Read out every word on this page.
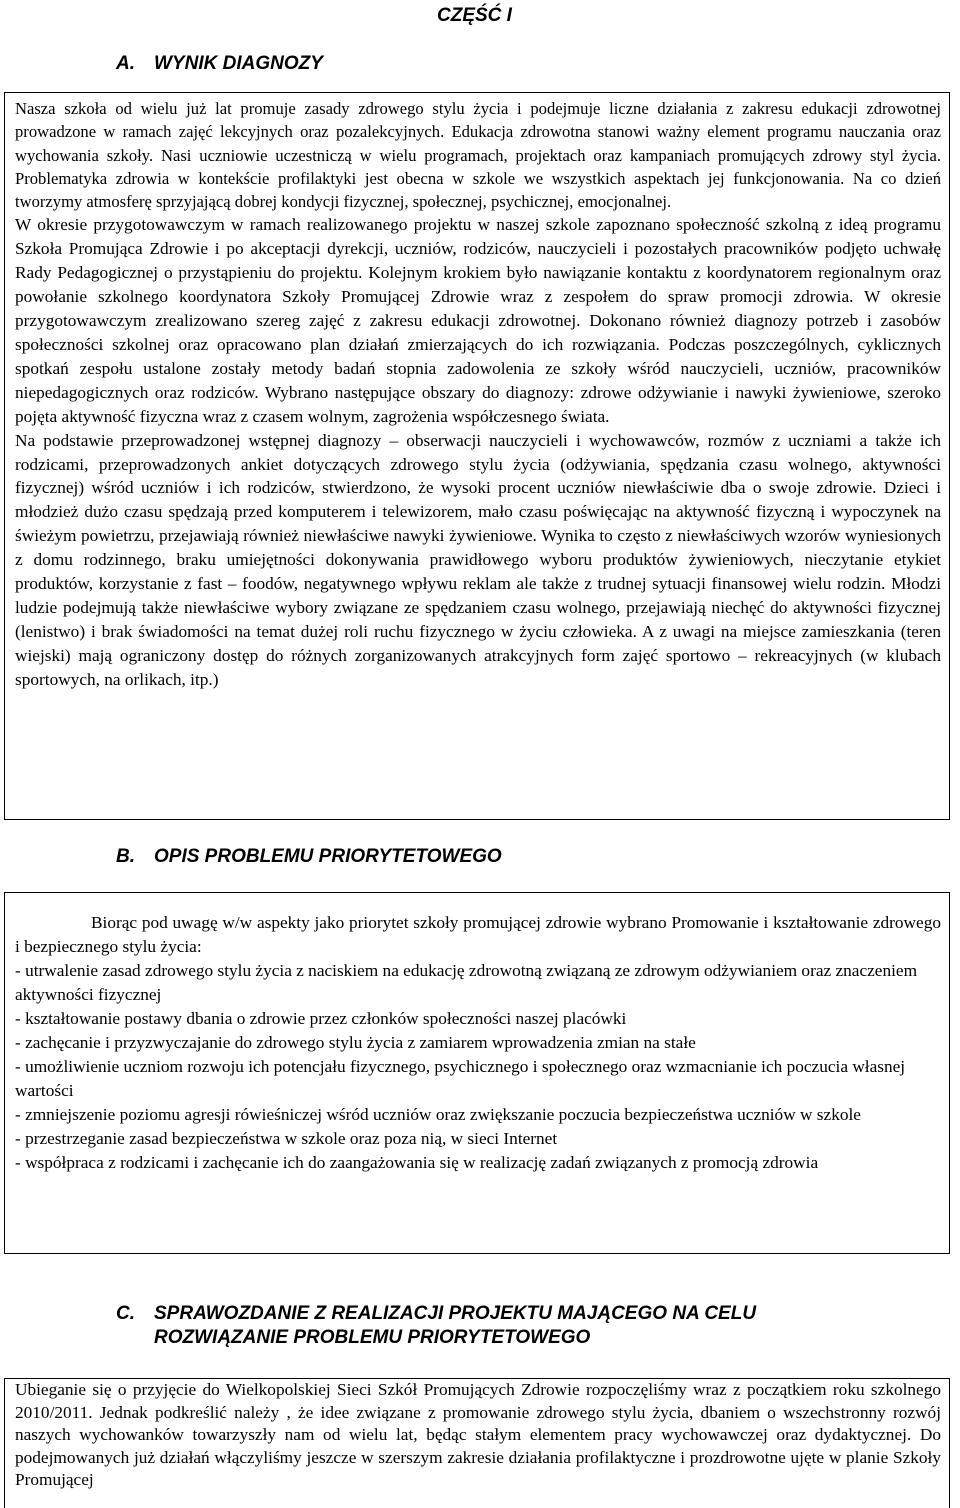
CZĘŚĆ I
A. WYNIK DIAGNOZY

Nasza szkoła od wielu już lat promuje zasady zdrowego stylu życia i podejmuje liczne działania z zakresu edukacji zdrowotnej prowadzone w ramach zajęć lekcyjnych oraz pozalekcyjnych. Edukacja zdrowotna stanowi ważny element programu nauczania oraz wychowania szkoły. Nasi uczniowie uczestniczą w wielu programach, projektach oraz kampaniach promujących zdrowy styl życia. Problematyka zdrowia w kontekście profilaktyki jest obecna w szkole we wszystkich aspektach jej funkcjonowania. Na co dzień tworzymy atmosferę sprzyjającą dobrej kondycji fizycznej, społecznej, psychicznej, emocjonalnej.

W okresie przygotowawczym w ramach realizowanego projektu w naszej szkole zapoznano społeczność szkolną z ideą programu Szkoła Promująca Zdrowie i po akceptacji dyrekcji, uczniów, rodziców, nauczycieli i pozostałych pracowników podjęto uchwałę Rady Pedagogicznej o przystąpieniu do projektu. Kolejnym krokiem było nawiązanie kontaktu z koordynatorem regionalnym oraz powołanie szkolnego koordynatora Szkoły Promującej Zdrowie wraz z zespołem do spraw promocji zdrowia. W okresie przygotowawczym zrealizowano szereg zajęć z zakresu edukacji zdrowotnej. Dokonano również diagnozy potrzeb i zasobów społeczności szkolnej oraz opracowano plan działań zmierzających do ich rozwiązania. Podczas poszczególnych, cyklicznych spotkań zespołu ustalone zostały metody badań stopnia zadowolenia ze szkoły wśród nauczycieli, uczniów, pracowników niepedagogicznych oraz rodziców. Wybrano następujące obszary do diagnozy: zdrowe odżywianie i nawyki żywieniowe, szeroko pojęta aktywność fizyczna wraz z czasem wolnym, zagrożenia współczesnego świata.

Na podstawie przeprowadzonej wstępnej diagnozy – obserwacji nauczycieli i wychowawców, rozmów z uczniami a także ich rodzicami, przeprowadzonych ankiet dotyczących zdrowego stylu życia (odżywiania, spędzania czasu wolnego, aktywności fizycznej) wśród uczniów i ich rodziców, stwierdzono, że wysoki procent uczniów niewłaściwie dba o swoje zdrowie. Dzieci i młodzież dużo czasu spędzają przed komputerem i telewizorem, mało czasu poświęcając na aktywność fizyczną i wypoczynek na świeżym powietrzu, przejawiają również niewłaściwe nawyki żywieniowe. Wynika to często z niewłaściwych wzorów wyniesionych z domu rodzinnego, braku umiejętności dokonywania prawidłowego wyboru produktów żywieniowych, nieczytanie etykiet produktów, korzystanie z fast – foodów, negatywnego wpływu reklam ale także z trudnej sytuacji finansowej wielu rodzin. Młodzi ludzie podejmują także niewłaściwe wybory związane ze spędzaniem czasu wolnego, przejawiają niechęć do aktywności fizycznej (lenistwo) i brak świadomości na temat dużej roli ruchu fizycznego w życiu człowieka. A z uwagi na miejsce zamieszkania (teren wiejski) mają ograniczony dostęp do różnych zorganizowanych atrakcyjnych form zajęć sportowo – rekreacyjnych (w klubach sportowych, na orlikach, itp.)

B. OPIS PROBLEMU PRIORYTETOWEGO

Biorąc pod uwagę w/w aspekty jako priorytet szkoły promującej zdrowie wybrano Promowanie i kształtowanie zdrowego i bezpiecznego stylu życia:

- utrwalenie zasad zdrowego stylu życia z naciskiem na edukację zdrowotną związaną ze zdrowym odżywianiem oraz znaczeniem aktywności fizycznej
- kształtowanie postawy dbania o zdrowie przez członków społeczności naszej placówki
- zachęcanie i przyzwyczajanie do zdrowego stylu życia z zamiarem wprowadzenia zmian na stałe
- umożliwienie uczniom rozwoju ich potencjału fizycznego, psychicznego i społecznego oraz wzmacnianie ich poczucia własnej wartości
- zmniejszenie poziomu agresji rówieśniczej wśród uczniów oraz zwiększanie poczucia bezpieczeństwa uczniów w szkole
- przestrzeganie zasad bezpieczeństwa w szkole oraz poza nią, w sieci Internet
- współpraca z rodzicami i zachęcanie ich do zaangażowania się w realizację zadań związanych z promocją zdrowia
C. SPRAWOZDANIE Z REALIZACJI PROJEKTU MAJĄCEGO NA CELU
ROZWIĄZANIE PROBLEMU PRIORYTETOWEGO

Ubieganie się o przyjęcie do Wielkopolskiej Sieci Szkół Promujących Zdrowie rozpoczęliśmy wraz z początkiem roku szkolnego 2010/2011. Jednak podkreślić należy , że idee związane z promowanie zdrowego stylu życia, dbaniem o wszechstronny rozwój naszych wychowanków towarzyszły nam od wielu lat, będąc stałym elementem pracy wychowawczej oraz dydaktycznej. Do podejmowanych już działań włączyliśmy jeszcze w szerszym zakresie działania profilaktyczne i prozdrowotne ujęte w planie Szkoły Promującej
